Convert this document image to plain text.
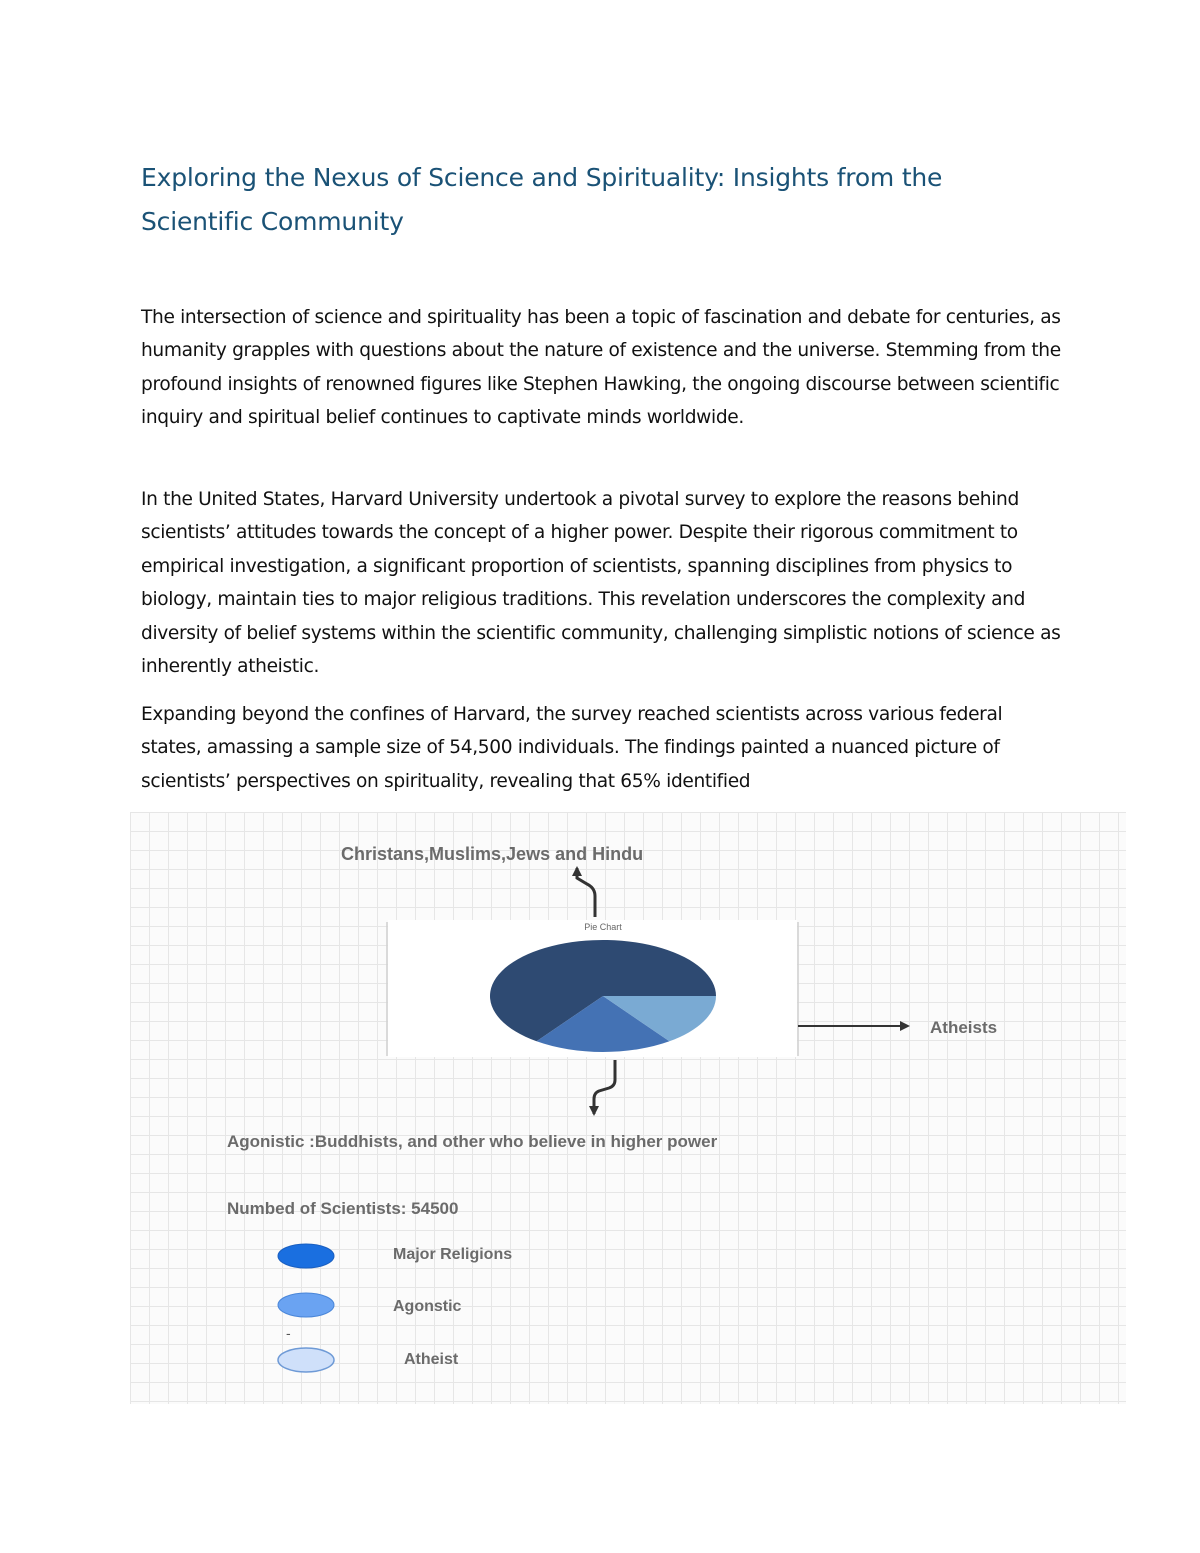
Exploring the Nexus of Science and Spirituality: Insights from the Scientific Community

The intersection of science and spirituality has been a topic of fascination and debate for centuries, as humanity grapples with questions about the nature of existence and the universe. Stemming from the profound insights of renowned figures like Stephen Hawking, the ongoing discourse between scientific inquiry and spiritual belief continues to captivate minds worldwide.

In the United States, Harvard University undertook a pivotal survey to explore the reasons behind scientists’ attitudes towards the concept of a higher power. Despite their rigorous commitment to empirical investigation, a significant proportion of scientists, spanning disciplines from physics to biology, maintain ties to major religious traditions. This revelation underscores the complexity and diversity of belief systems within the scientific community, challenging simplistic notions of science as inherently atheistic.

Expanding beyond the confines of Harvard, the survey reached scientists across various federal states, amassing a sample size of 54,500 individuals. The findings painted a nuanced picture of scientists’ perspectives on spirituality, revealing that 65% identified

Christans,Muslims,Jews and Hindu
Pie Chart
Atheists
Agonistic :Buddhists, and other who believe in higher power
Numbed of Scientists: 54500
Major Religions
Agonstic
-
Atheist
